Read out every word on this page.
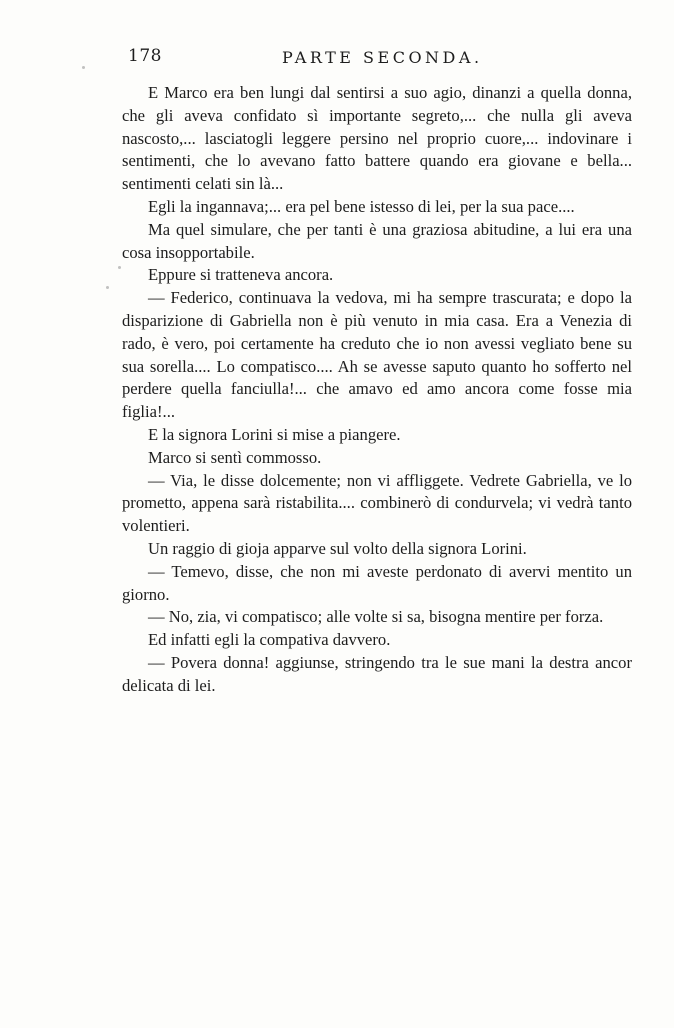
178	PARTE SECONDA.

E Marco era ben lungi dal sentirsi a suo agio, dinanzi a quella donna, che gli aveva confidato sì importante segreto,... che nulla gli aveva nascosto,... lasciatogli leggere persino nel proprio cuore,... indovinare i sentimenti, che lo avevano fatto battere quando era giovane e bella... sentimenti celati sin là...

Egli la ingannava;... era pel bene istesso di lei, per la sua pace....

Ma quel simulare, che per tanti è una graziosa abitudine, a lui era una cosa insopportabile.

Eppure si tratteneva ancora.

— Federico, continuava la vedova, mi ha sempre trascurata; e dopo la disparizione di Gabriella non è più venuto in mia casa. Era a Venezia di rado, è vero, poi certamente ha creduto che io non avessi vegliato bene su sua sorella.... Lo compatisco.... Ah se avesse saputo quanto ho sofferto nel perdere quella fanciulla!... che amavo ed amo ancora come fosse mia figlia!...

E la signora Lorini si mise a piangere.

Marco si sentì commosso.

— Via, le disse dolcemente; non vi affliggete. Vedrete Gabriella, ve lo prometto, appena sarà ristabilita.... combinerò di condurvela; vi vedrà tanto volentieri.

Un raggio di gioja apparve sul volto della signora Lorini.

— Temevo, disse, che non mi aveste perdonato di avervi mentito un giorno.

— No, zia, vi compatisco; alle volte si sa, bisogna mentire per forza.

Ed infatti egli la compativa davvero.

— Povera donna! aggiunse, stringendo tra le sue mani la destra ancor delicata di lei.
